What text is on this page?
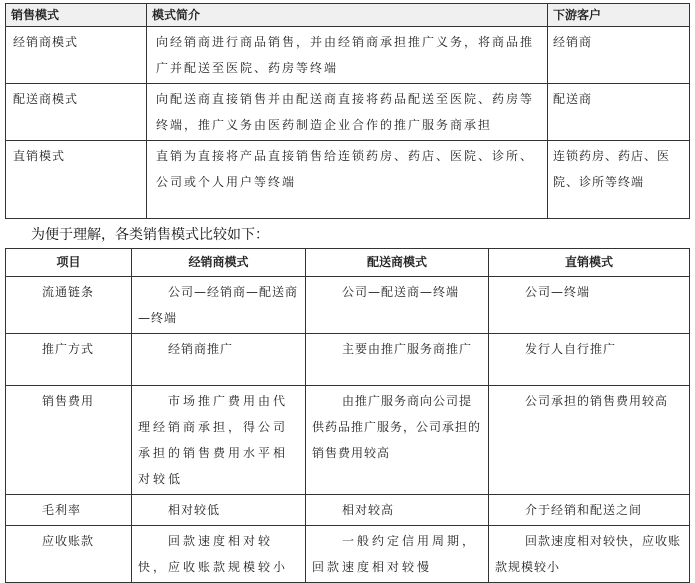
销售模式	模式简介	下游客户
经销商模式	向经销商进行商品销售，并由经销商承担推广义务，将商品推广并配送至医院、药房等终端	经销商
配送商模式	向配送商直接销售并由配送商直接将药品配送至医院、药房等终端，推广义务由医药制造企业合作的推广服务商承担	配送商
直销模式	直销为直接将产品直接销售给连锁药房、药店、医院、诊所、公司或个人用户等终端	连锁药房、药店、医院、诊所等终端
为便于理解，各类销售模式比较如下：
项目	经销商模式	配送商模式	直销模式
流通链条	公司—经销商—配送商—终端	公司—配送商—终端	公司—终端
推广方式	经销商推广	主要由推广服务商推广	发行人自行推广
销售费用	市场推广费用由代理经销商承担，得公司承担的销售费用水平相对较低	由推广服务商向公司提供药品推广服务，公司承担的销售费用较高	公司承担的销售费用较高
毛利率	相对较低	相对较高	介于经销和配送之间
应收账款	回款速度相对较快，应收账款规模较小	一般约定信用周期，回款速度相对较慢	回款速度相对较快，应收账款规模较小
